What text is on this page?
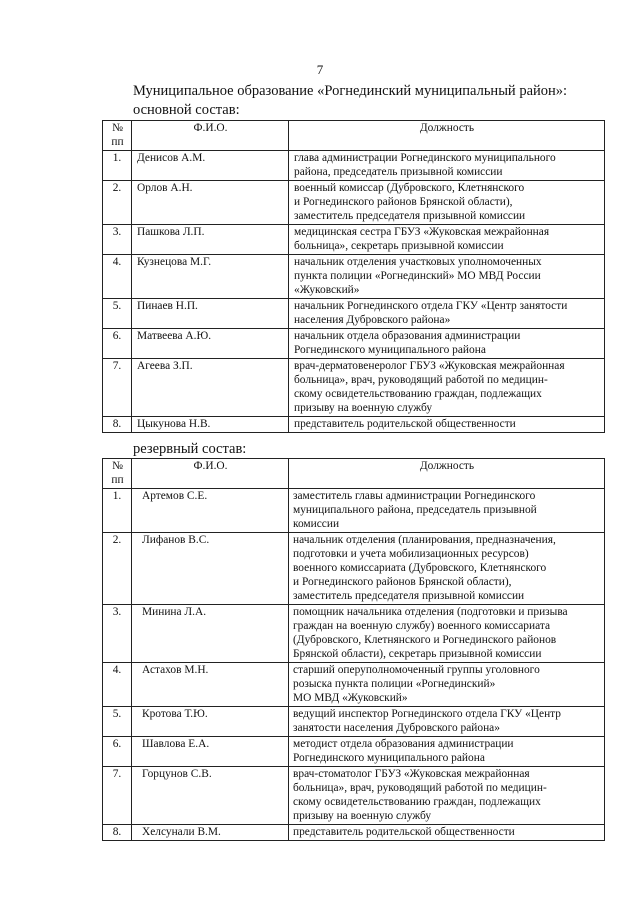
7
Муниципальное образование «Рогнединский муниципальный район»:
основной состав:
№ пп	Ф.И.О.	Должность
1.	Денисов А.М.	глава администрации Рогнединского муниципального
района, председатель призывной комиссии
2.	Орлов А.Н.	военный комиссар (Дубровского, Клетнянского
и Рогнединского районов Брянской области),
заместитель председателя призывной комиссии
3.	Пашкова Л.П.	медицинская сестра ГБУЗ «Жуковская межрайонная
больница», секретарь призывной комиссии
4.	Кузнецова М.Г.	начальник отделения участковых уполномоченных
пункта полиции «Рогнединский» МО МВД России
«Жуковский»
5.	Пинаев Н.П.	начальник Рогнединского отдела ГКУ «Центр занятости
населения Дубровского района»
6.	Матвеева А.Ю.	начальник отдела образования администрации
Рогнединского муниципального района
7.	Агеева З.П.	врач-дерматовенеролог ГБУЗ «Жуковская межрайонная
больница», врач, руководящий работой по медицин-
скому освидетельствованию граждан, подлежащих
призыву на военную службу
8.	Цыкунова Н.В.	представитель родительской общественности
резервный состав:
№ пп	Ф.И.О.	Должность
1.	Артемов С.Е.	заместитель главы администрации Рогнединского
муниципального района, председатель призывной
комиссии
2.	Лифанов В.С.	начальник отделения (планирования, предназначения,
подготовки и учета мобилизационных ресурсов)
военного комиссариата (Дубровского, Клетнянского
и Рогнединского районов Брянской области),
заместитель председателя призывной комиссии
3.	Минина Л.А.	помощник начальника отделения (подготовки и призыва
граждан на военную службу) военного комиссариата
(Дубровского, Клетнянского и Рогнединского районов
Брянской области), секретарь призывной комиссии
4.	Астахов М.Н.	старший оперуполномоченный группы уголовного
розыска пункта полиции «Рогнединский»
МО МВД «Жуковский»
5.	Кротова Т.Ю.	ведущий инспектор Рогнединского отдела ГКУ «Центр
занятости населения Дубровского района»
6.	Шавлова Е.А.	методист отдела образования администрации
Рогнединского муниципального района
7.	Горцунов С.В.	врач-стоматолог ГБУЗ «Жуковская межрайонная
больница», врач, руководящий работой по медицин-
скому освидетельствованию граждан, подлежащих
призыву на военную службу
8.	Хелсунали В.М.	представитель родительской общественности
